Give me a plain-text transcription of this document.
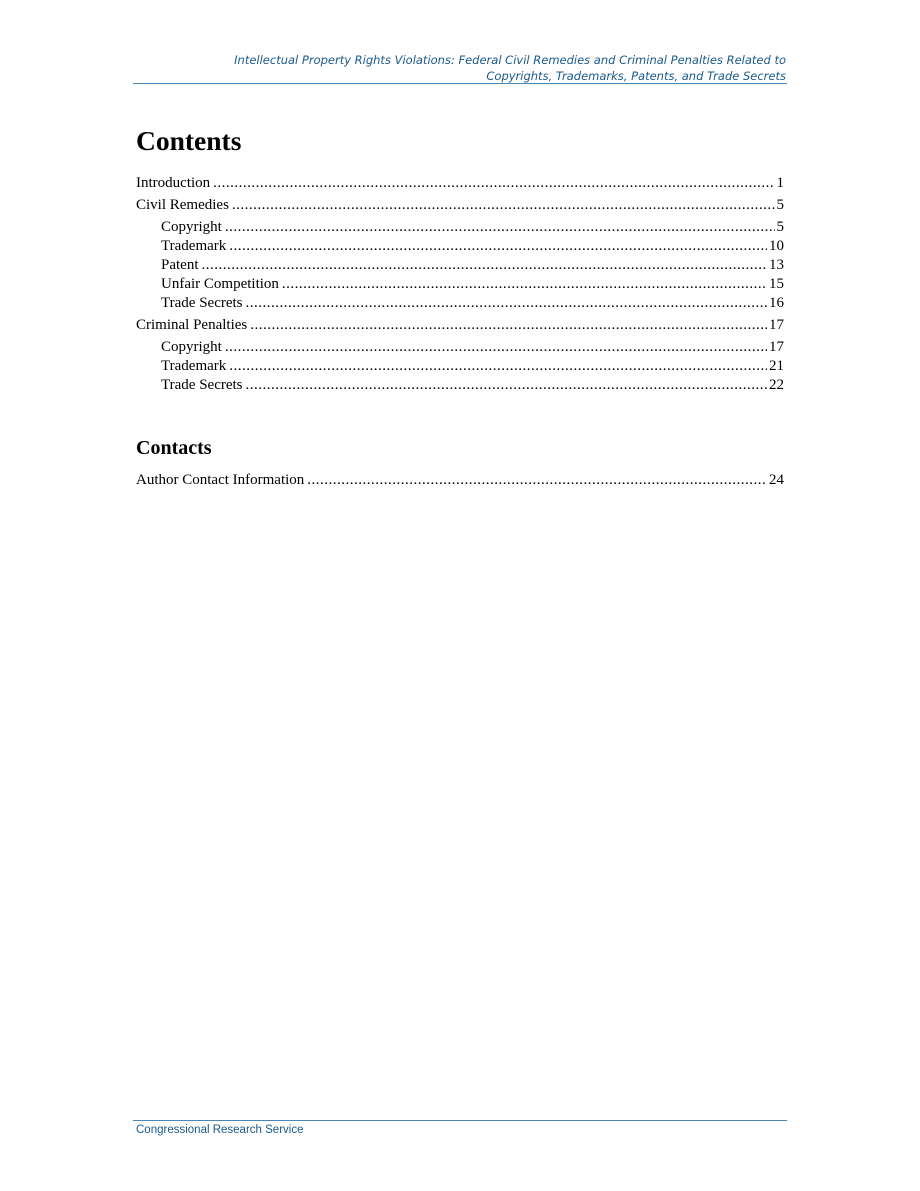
Intellectual Property Rights Violations: Federal Civil Remedies and Criminal Penalties Related to
Copyrights, Trademarks, Patents, and Trade Secrets
Contents
Introduction .....	1
Civil Remedies .....	5
Copyright .....	5
Trademark .....	10
Patent .....	13
Unfair Competition .....	15
Trade Secrets .....	16
Criminal Penalties .....	17
Copyright .....	17
Trademark .....	21
Trade Secrets .....	22
Contacts
Author Contact Information .....	24
Congressional Research Service
